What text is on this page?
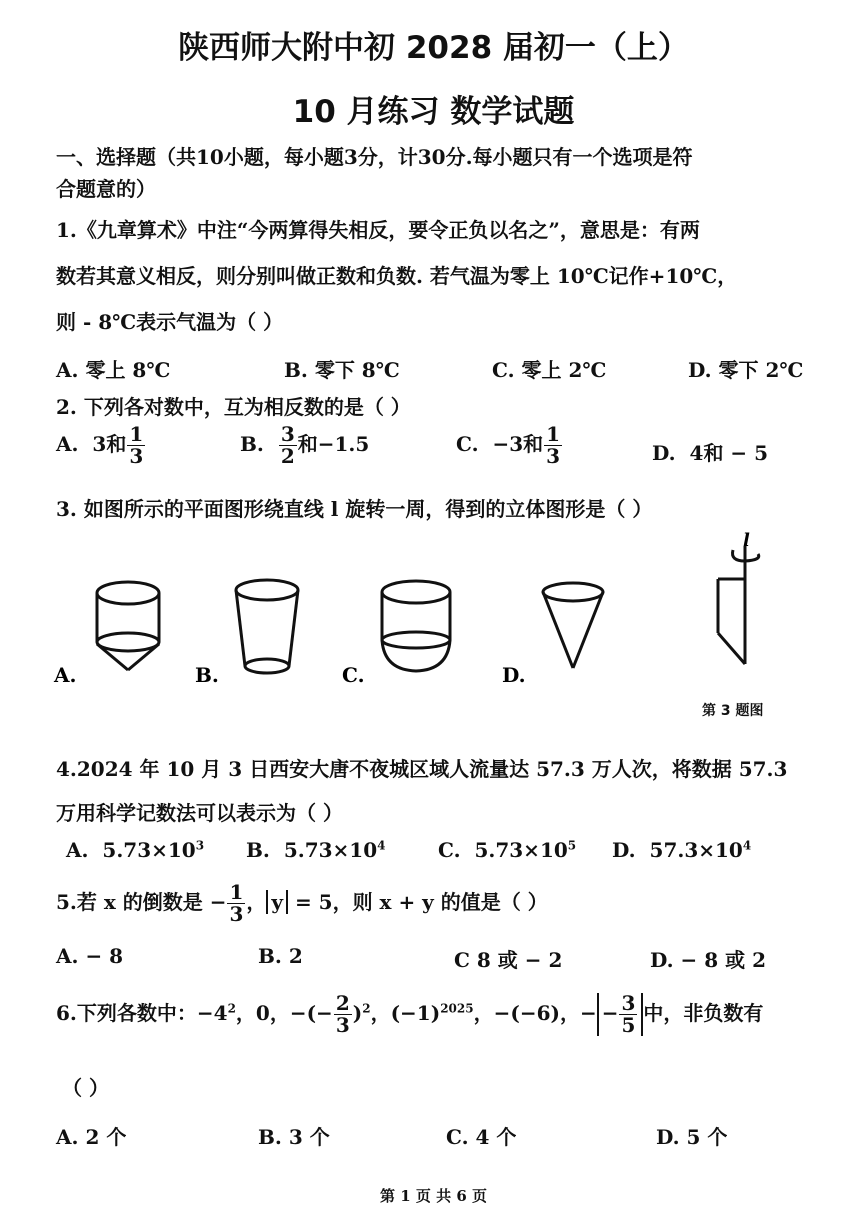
陕西师大附中初 2028 届初一（上）
10 月练习 数学试题
一、选择题（共10小题，每小题3分，计30分.每小题只有一个选项是符
合题意的）
1.《九章算术》中注“今两算得失相反，要令正负以名之”，意思是：有两
数若其意义相反，则分别叫做正数和负数. 若气温为零上 10℃记作+10℃，
则 - 8℃表示气温为（ ）
A. 零上 8℃	B. 零下 8℃	C. 零上 2℃	D. 零下 2℃
2. 下列各对数中，互为相反数的是（ ）
A. 3和 $\frac{1}{3}$	B. $\frac{3}{2}$ 和−1.5	C. −3和 $\frac{1}{3}$	D. 4和 − 5
3. 如图所示的平面图形绕直线 l 旋转一周，得到的立体图形是（ ）
A.	B.	C.	D.
l
第 3 题图
4.2024 年 10 月 3 日西安大唐不夜城区域人流量达 57.3 万人次，将数据 57.3
万用科学记数法可以表示为（ ）
A. $5.73\times 10^3$ B. $5.73\times 10^4$	C. $5.73\times 10^5$ D. $57.3\times 10^4$
5.若 x 的倒数是 − $\frac{1}{3}$ ， y = 5，则 x + y 的值是（ ）
A. − 8	B. 2	C 8 或 − 2	D. − 8 或 2
6.下列各数中：$-4^2$，0，−(− $\frac{2}{3} )^2$，$(-1)^{2025}$，−(−6)，− − $\frac{3}{5}$ 中，非负数有
（ ）
A. 2 个	B. 3 个	C. 4 个	D. 5 个
第 1 页 共 6 页
